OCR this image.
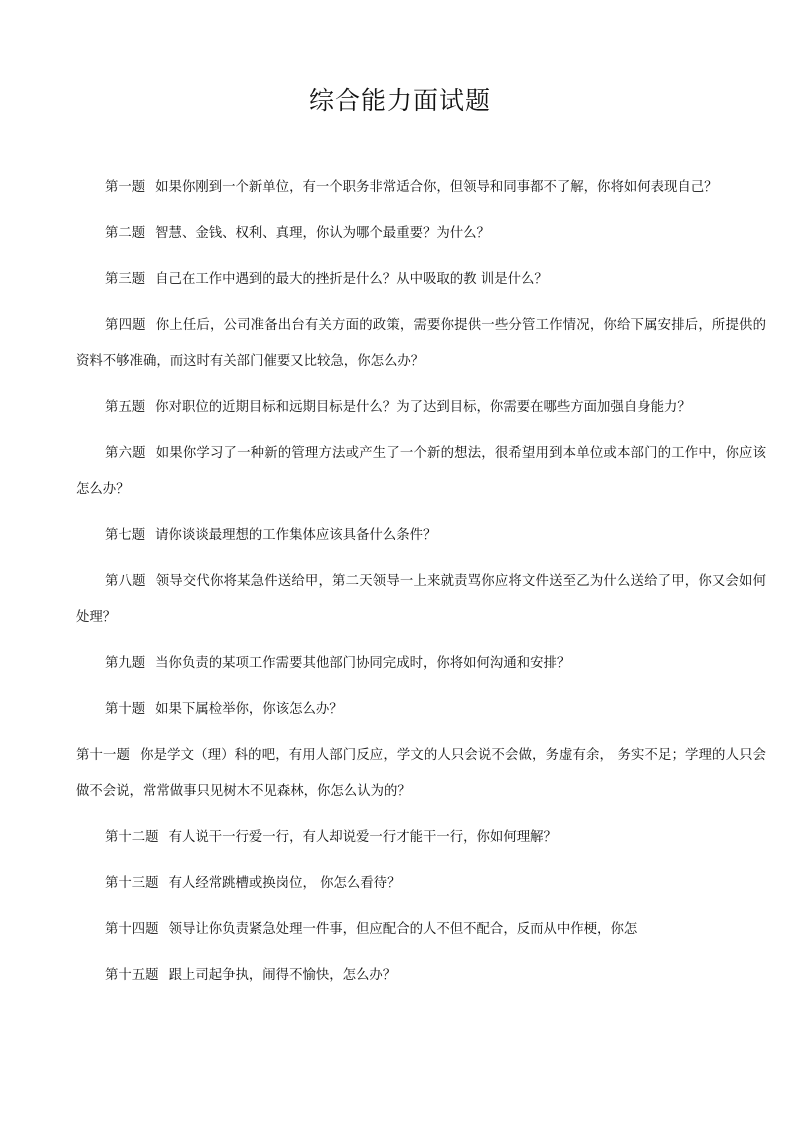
综合能力面试题

第一题 如果你刚到一个新单位，有一个职务非常适合你，但领导和同事都不了解，你将如何表现自己？

第二题 智慧、金钱、权利、真理，你认为哪个最重要？为什么？

第三题 自己在工作中遇到的最大的挫折是什么？从中吸取的教 训是什么？

第四题 你上任后，公司准备出台有关方面的政策，需要你提供一些分管工作情况，你给下属安排后，所提供的资料不够准确，而这时有关部门催要又比较急，你怎么办？

第五题 你对职位的近期目标和远期目标是什么？为了达到目标，你需要在哪些方面加强自身能力？

第六题 如果你学习了一种新的管理方法或产生了一个新的想法，很希望用到本单位或本部门的工作中，你应该怎么办？

第七题 请你谈谈最理想的工作集体应该具备什么条件？

第八题 领导交代你将某急件送给甲，第二天领导一上来就责骂你应将文件送至乙为什么送给了甲，你又会如何处理？

第九题 当你负责的某项工作需要其他部门协同完成时，你将如何沟通和安排？

第十题 如果下属检举你，你该怎么办？

第十一题 你是学文（理）科的吧，有用人部门反应，学文的人只会说不会做，务虚有余， 务实不足；学理的人只会做不会说，常常做事只见树木不见森林，你怎么认为的？

第十二题 有人说干一行爱一行，有人却说爱一行才能干一行，你如何理解？

第十三题 有人经常跳槽或换岗位， 你怎么看待？

第十四题 领导让你负责紧急处理一件事，但应配合的人不但不配合，反而从中作梗，你怎

第十五题 跟上司起争执，闹得不愉快，怎么办？
